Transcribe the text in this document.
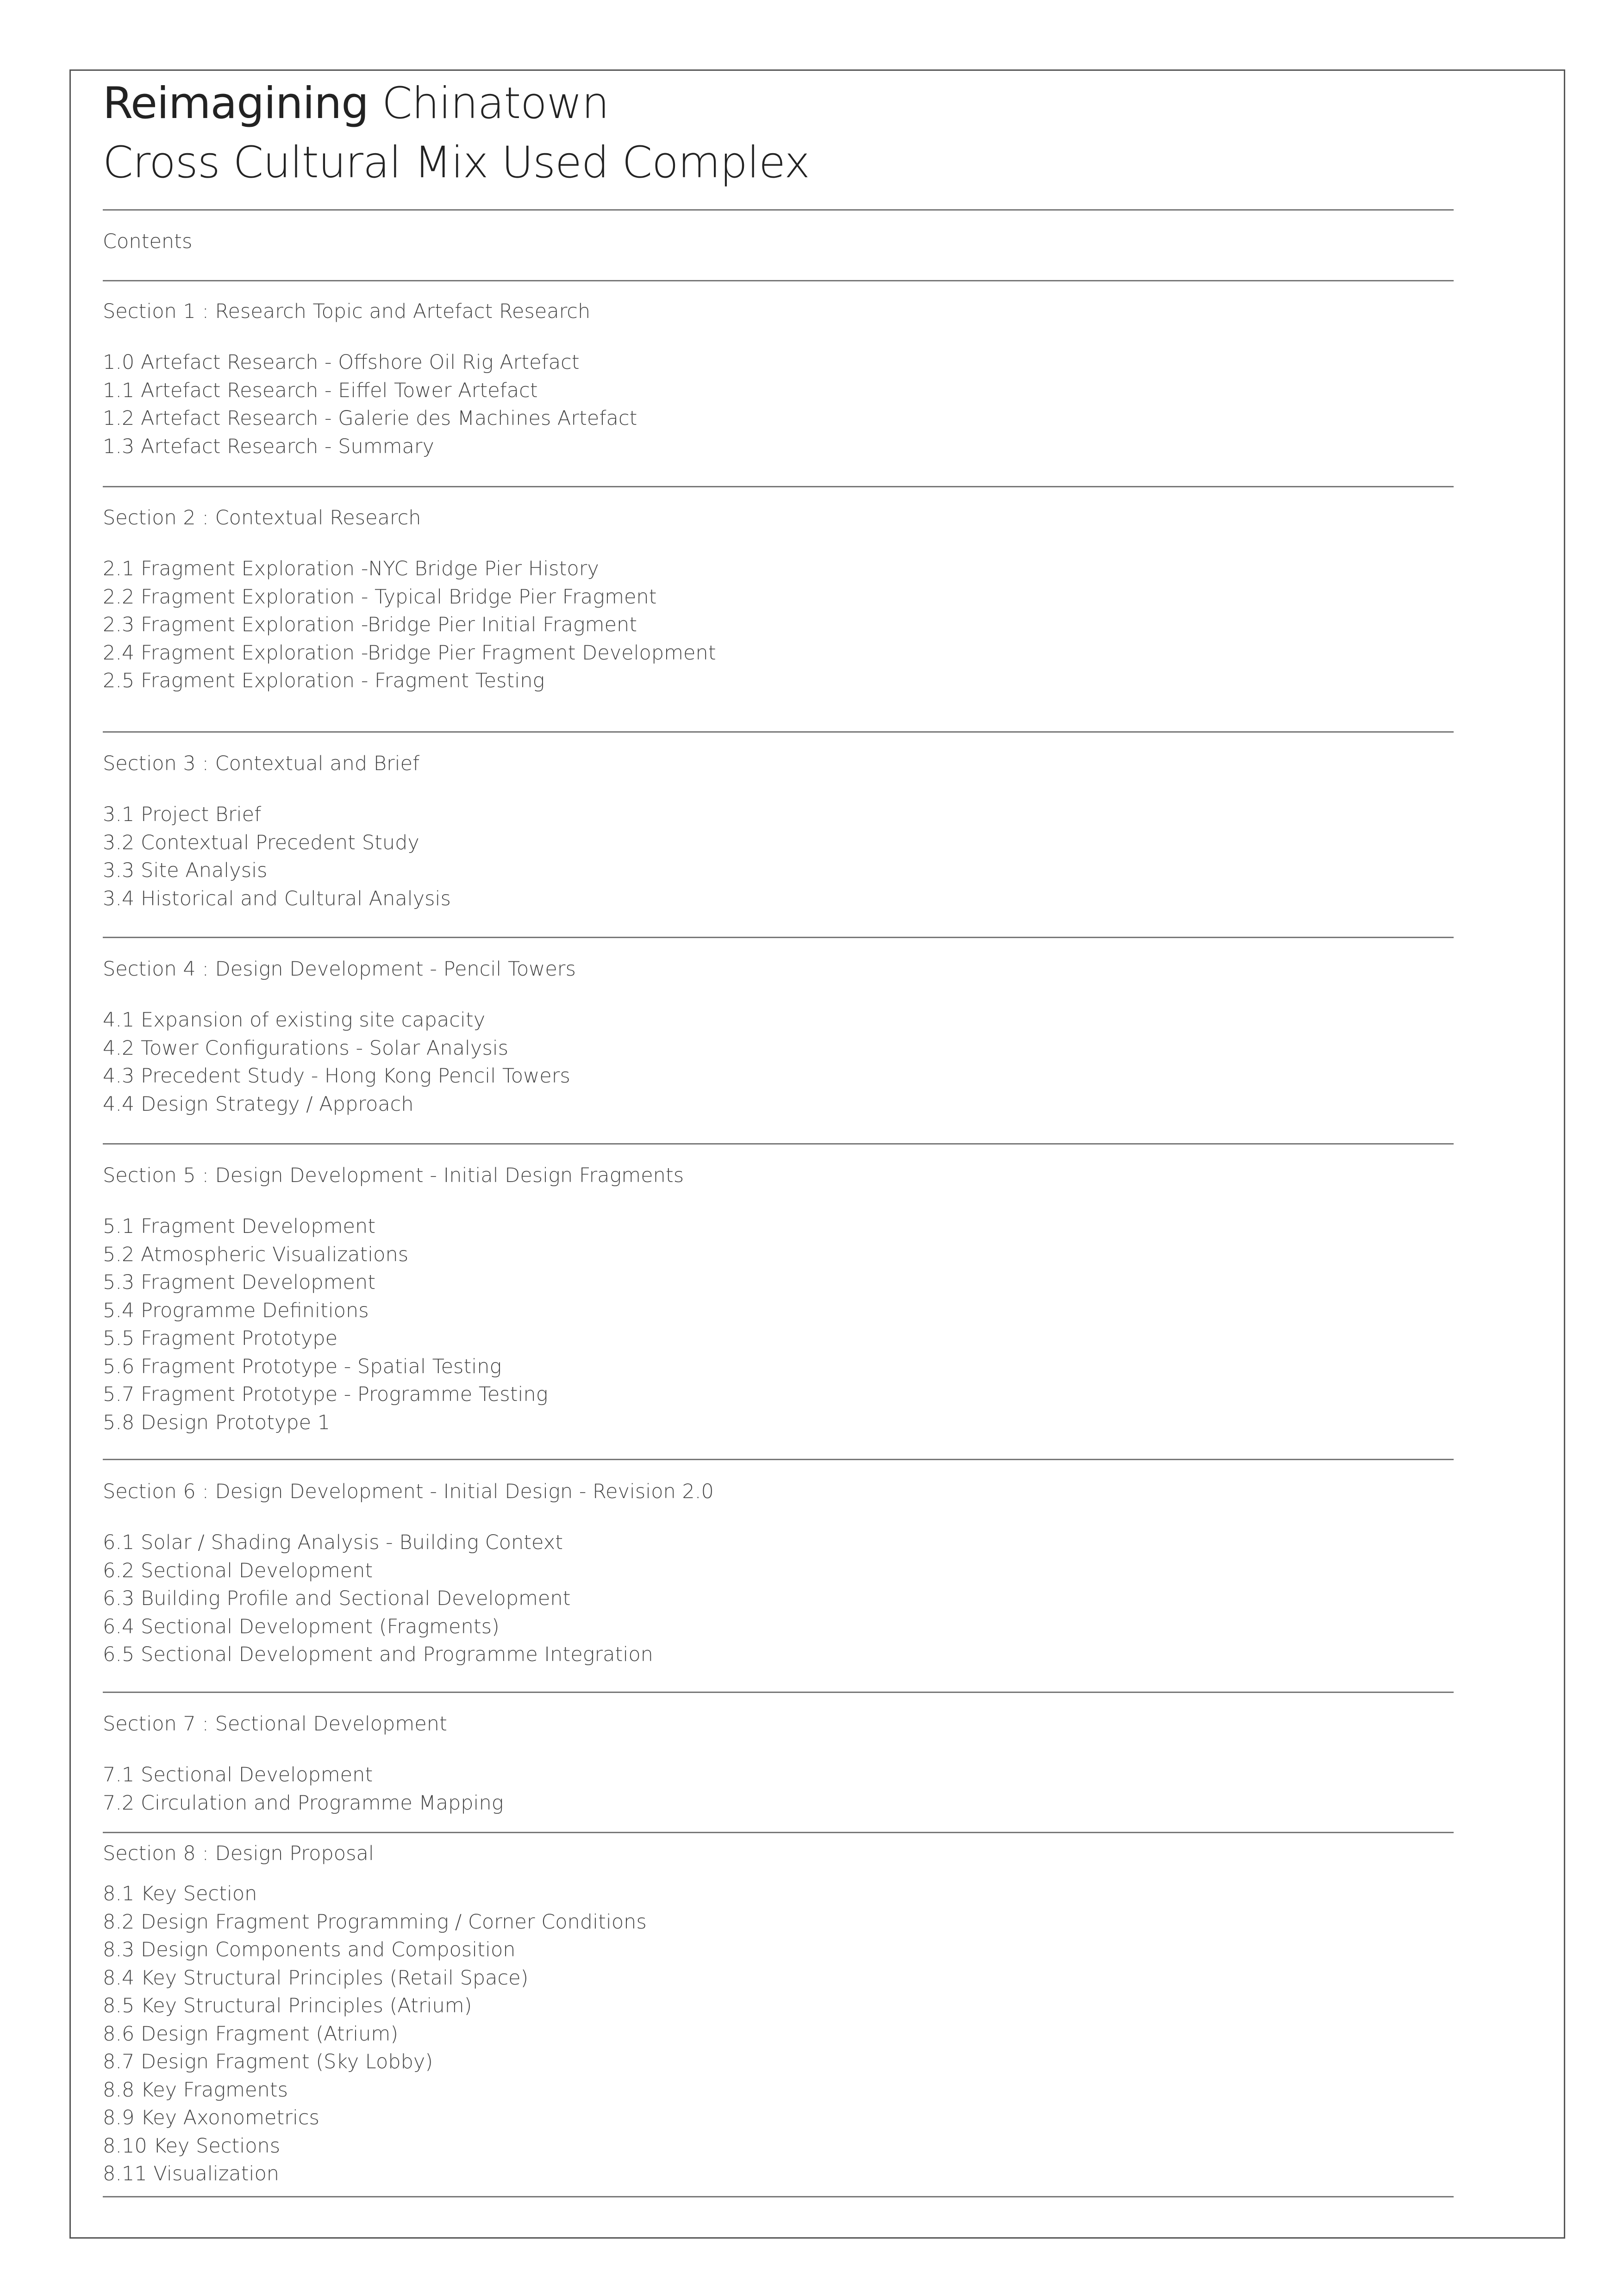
Reimagining Chinatown
Cross Cultural Mix Used Complex
Contents
Section 1 : Research Topic and Artefact Research
1.0 Artefact Research - Offshore Oil Rig Artefact
1.1 Artefact Research - Eiffel Tower Artefact
1.2 Artefact Research - Galerie des Machines Artefact
1.3 Artefact Research - Summary
Section 2 : Contextual Research
2.1 Fragment Exploration -NYC Bridge Pier History
2.2 Fragment Exploration - Typical Bridge Pier Fragment
2.3 Fragment Exploration -Bridge Pier Initial Fragment
2.4 Fragment Exploration -Bridge Pier Fragment Development
2.5 Fragment Exploration - Fragment Testing
Section 3 : Contextual and Brief
3.1 Project Brief
3.2 Contextual Precedent Study
3.3 Site Analysis
3.4 Historical and Cultural Analysis
Section 4 : Design Development - Pencil Towers
4.1 Expansion of existing site capacity
4.2 Tower Configurations - Solar Analysis
4.3 Precedent Study - Hong Kong Pencil Towers
4.4 Design Strategy / Approach
Section 5 : Design Development - Initial Design Fragments
5.1 Fragment Development
5.2 Atmospheric Visualizations
5.3 Fragment Development
5.4 Programme Definitions
5.5 Fragment Prototype
5.6 Fragment Prototype - Spatial Testing
5.7 Fragment Prototype - Programme Testing
5.8 Design Prototype 1
Section 6 : Design Development - Initial Design - Revision 2.0
6.1 Solar / Shading Analysis - Building Context
6.2 Sectional Development
6.3 Building Profile and Sectional Development
6.4 Sectional Development (Fragments)
6.5 Sectional Development and Programme Integration
Section 7 : Sectional Development
7.1 Sectional Development
7.2 Circulation and Programme Mapping
Section 8 : Design Proposal
8.1 Key Section
8.2 Design Fragment Programming / Corner Conditions
8.3 Design Components and Composition
8.4 Key Structural Principles (Retail Space)
8.5 Key Structural Principles (Atrium)
8.6 Design Fragment (Atrium)
8.7 Design Fragment (Sky Lobby)
8.8 Key Fragments
8.9 Key Axonometrics
8.10 Key Sections
8.11 Visualization
